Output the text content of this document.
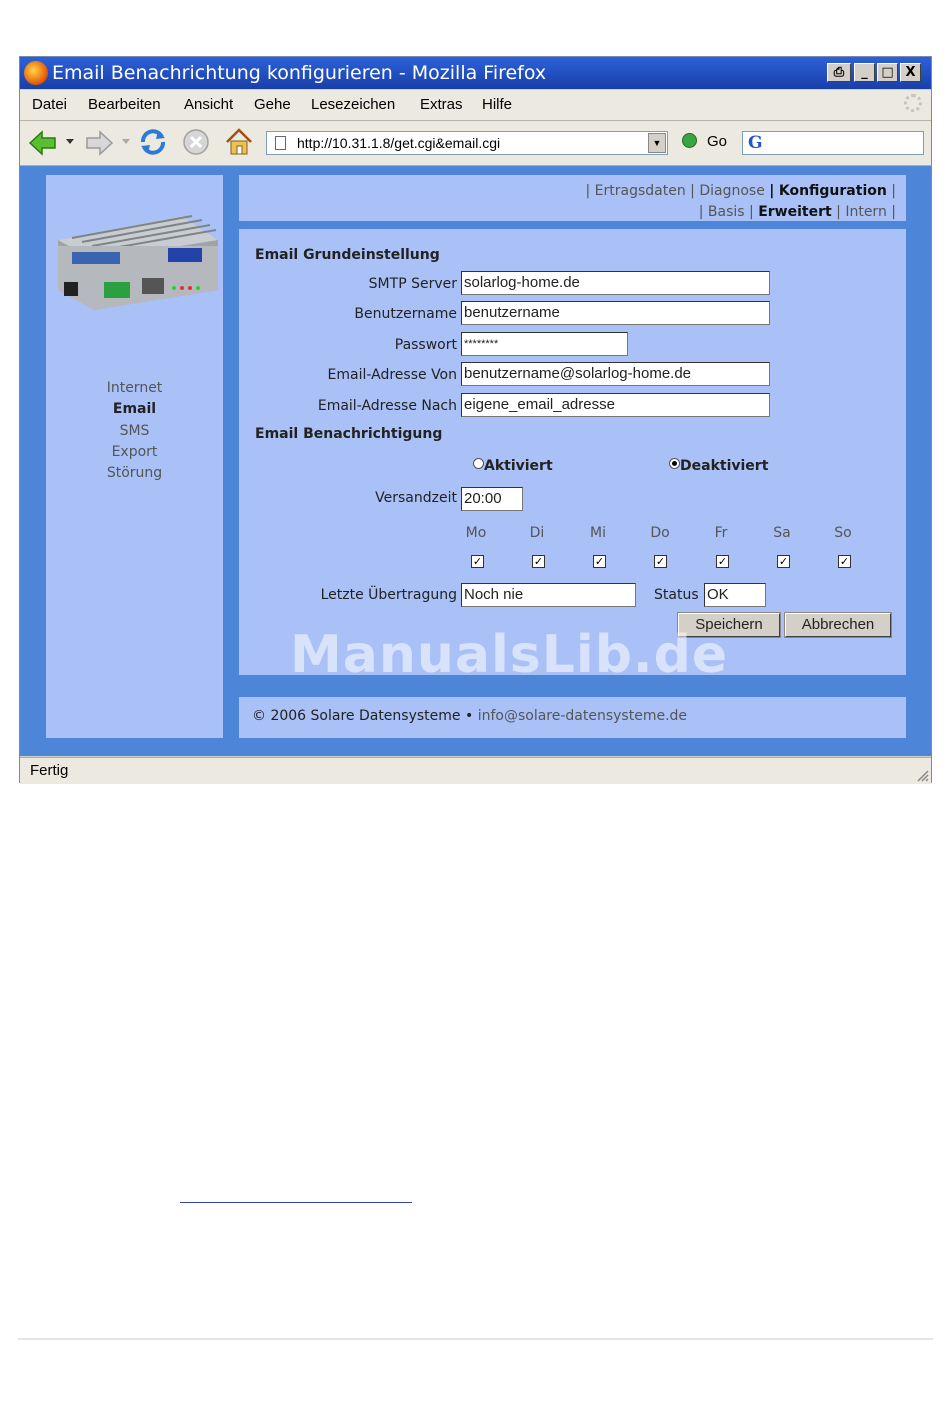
Email Benachrichtung konfigurieren - Mozilla Firefox	⎙	_	□ X
Datei Bearbeiten Ansicht Gehe Lesezeichen Extras Hilfe
http://10.31.1.8/get.cgi&email.cgi	▼	Go G
Internet
Email
SMS
Export
Störung
| Ertragsdaten | Diagnose | Konfiguration |
| Basis | Erweitert | Intern |
Email Grundeinstellung
SMTP Server solarlog-home.de
Benutzername benutzername
Passwort ********
Email-Adresse Von benutzername@solarlog-home.de
Email-Adresse Nach eigene_email_adresse
Email Benachrichtigung
Aktiviert	Deaktiviert
Versandzeit 20:00
Mo	Di	Mi	Do	Fr	Sa	So
✓	✓	✓	✓	✓	✓	✓
Letzte Übertragung Noch nie	Status OK
Speichern	Abbrechen
© 2006 Solare Datensysteme • info@solare-datensysteme.de
Fertig
ManualsLib.de
